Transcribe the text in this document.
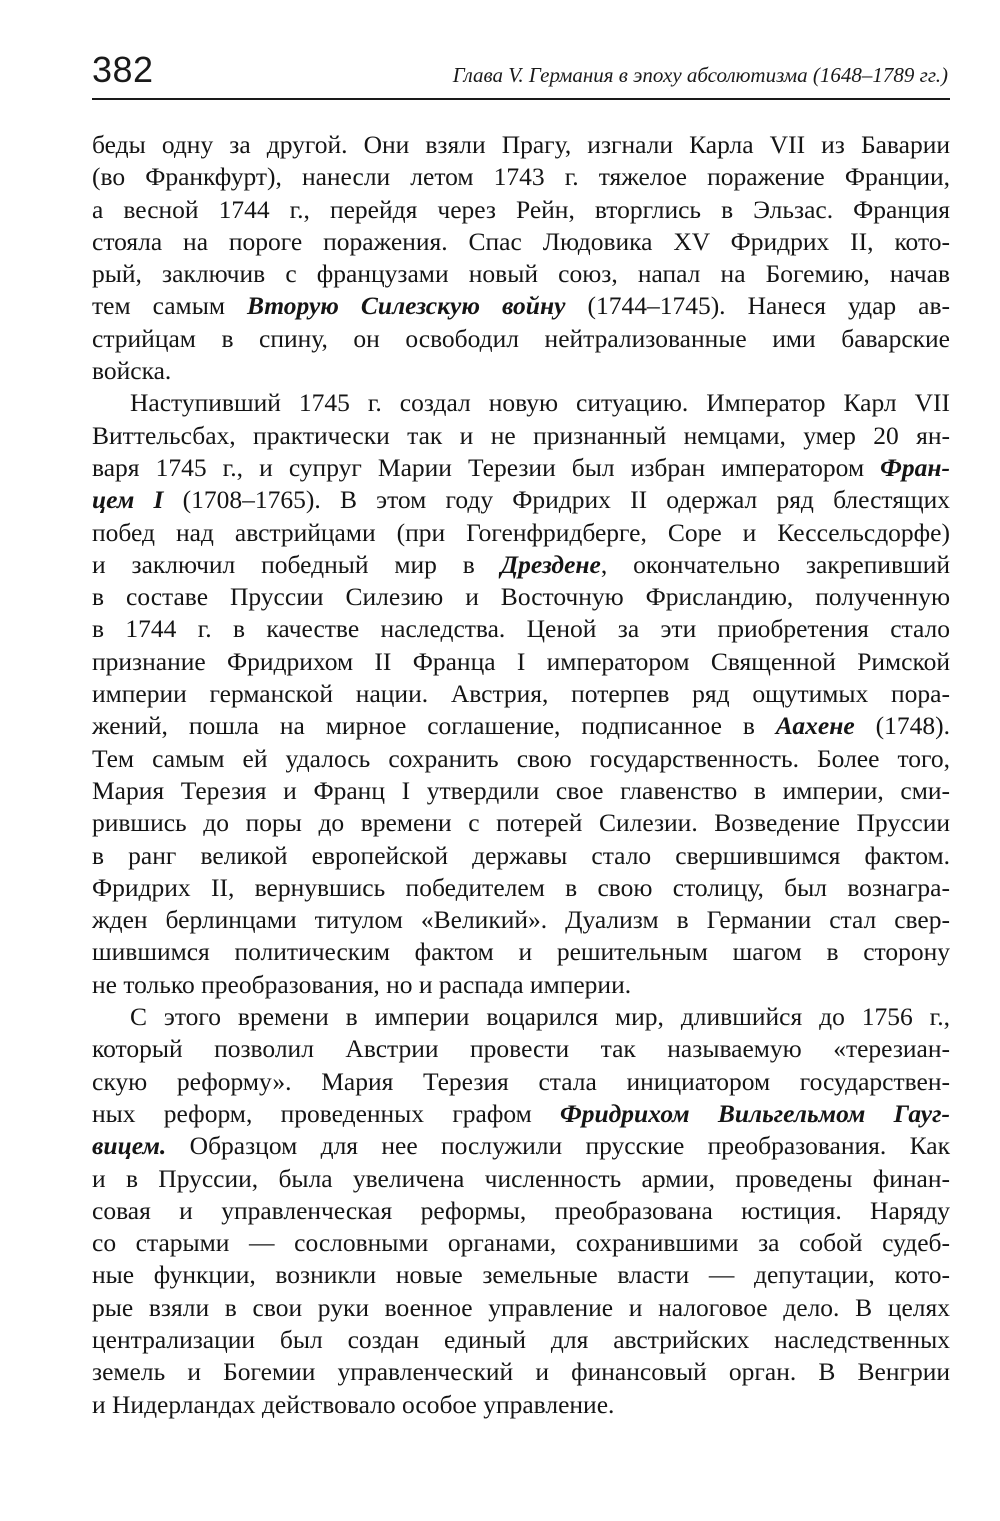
382	Глава V. Германия в эпоху абсолютизма (1648–1789 гг.)
беды одну за другой. Они взяли Прагу, изгнали Карла VII из Баварии
(во Франкфурт), нанесли летом 1743 г. тяжелое поражение Франции,
а весной 1744 г., перейдя через Рейн, вторглись в Эльзас. Франция
стояла на пороге поражения. Спас Людовика XV Фридрих II, кото-
рый, заключив с французами новый союз, напал на Богемию, начав
тем самым Вторую Силезскую войну (1744–1745). Нанеся удар ав-
стрийцам в спину, он освободил нейтрализованные ими баварские
войска.
Наступивший 1745 г. создал новую ситуацию. Император Карл VII
Виттельсбах, практически так и не признанный немцами, умер 20 ян-
варя 1745 г., и супруг Марии Терезии был избран императором Фран-
цем I (1708–1765). В этом году Фридрих II одержал ряд блестящих
побед над австрийцами (при Гогенфридберге, Соре и Кессельсдорфе)
и заключил победный мир в Дрездене, окончательно закрепивший
в составе Пруссии Силезию и Восточную Фрисландию, полученную
в 1744 г. в качестве наследства. Ценой за эти приобретения стало
признание Фридрихом II Франца I императором Священной Римской
империи германской нации. Австрия, потерпев ряд ощутимых пора-
жений, пошла на мирное соглашение, подписанное в Аахене (1748).
Тем самым ей удалось сохранить свою государственность. Более того,
Мария Терезия и Франц I утвердили свое главенство в империи, сми-
рившись до поры до времени с потерей Силезии. Возведение Пруссии
в ранг великой европейской державы стало свершившимся фактом.
Фридрих II, вернувшись победителем в свою столицу, был вознагра-
жден берлинцами титулом «Великий». Дуализм в Германии стал свер-
шившимся политическим фактом и решительным шагом в сторону
не только преобразования, но и распада империи.
С этого времени в империи воцарился мир, длившийся до 1756 г.,
который позволил Австрии провести так называемую «терезиан-
скую реформу». Мария Терезия стала инициатором государствен-
ных реформ, проведенных графом Фридрихом Вильгельмом Гауг-
вицем. Образцом для нее послужили прусские преобразования. Как
и в Пруссии, была увеличена численность армии, проведены финан-
совая и управленческая реформы, преобразована юстиция. Наряду
со старыми — сословными органами, сохранившими за собой судеб-
ные функции, возникли новые земельные власти — депутации, кото-
рые взяли в свои руки военное управление и налоговое дело. В целях
централизации был создан единый для австрийских наследственных
земель и Богемии управленческий и финансовый орган. В Венгрии
и Нидерландах действовало особое управление.
